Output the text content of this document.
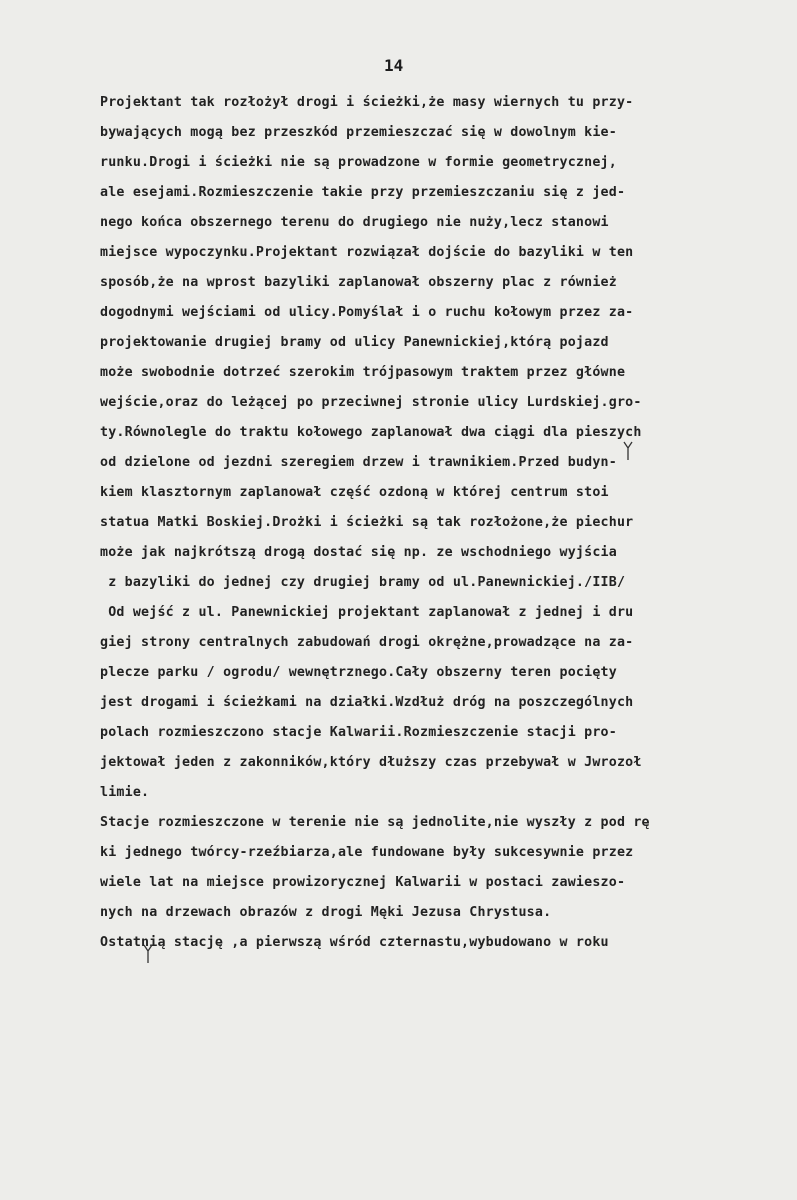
14
Projektant tak rozłożył drogi i ścieżki,że masy wiernych tu przy-
bywających mogą bez przeszkód przemieszczać się w dowolnym kie-
runku.Drogi i ścieżki nie są prowadzone w formie geometrycznej,
ale esejami.Rozmieszczenie takie przy przemieszczaniu się z jed-
nego końca obszernego terenu do drugiego nie nuży,lecz stanowi
miejsce wypoczynku.Projektant rozwiązał dojście do bazyliki w ten
sposób,że na wprost bazyliki zaplanował obszerny plac z również
dogodnymi wejściami od ulicy.Pomyślał i o ruchu kołowym przez za-
projektowanie drugiej bramy od ulicy Panewnickiej,którą pojazd
może swobodnie dotrzeć szerokim trójpasowym traktem przez główne
wejście,oraz do leżącej po przeciwnej stronie ulicy Lurdskiej.gro-
ty.Równolegle do traktu kołowego zaplanował dwa ciągi dla pieszych
od dzielone od jezdni szeregiem drzew i trawnikiem.Przed budyn-
kiem klasztornym zaplanował część ozdoną w której centrum stoi
statua Matki Boskiej.Drożki i ścieżki są tak rozłożone,że piechur
może jak najkrótszą drogą dostać się np. ze wschodniego wyjścia
z bazyliki do jednej czy drugiej bramy od ul.Panewnickiej./IIB/
Od wejść z ul. Panewnickiej projektant zaplanował z jednej i dru
giej strony centralnych zabudowań drogi okrężne,prowadzące na za-
plecze parku / ogrodu/ wewnętrznego.Cały obszerny teren pocięty
jest drogami i ścieżkami na działki.Wzdłuż dróg na poszczególnych
polach rozmieszczono stacje Kalwarii.Rozmieszczenie stacji pro-
jektował jeden z zakonników,który dłuższy czas przebywał w Jwrozoł
limie.
Stacje rozmieszczone w terenie nie są jednolite,nie wyszły z pod rę
ki jednego twórcy-rzeźbiarza,ale fundowane były sukcesywnie przez
wiele lat na miejsce prowizorycznej Kalwarii w postaci zawieszo-
nych na drzewach obrazów z drogi Męki Jezusa Chrystusa.
Ostatnią stację ,a pierwszą wśród czternastu,wybudowano w roku
